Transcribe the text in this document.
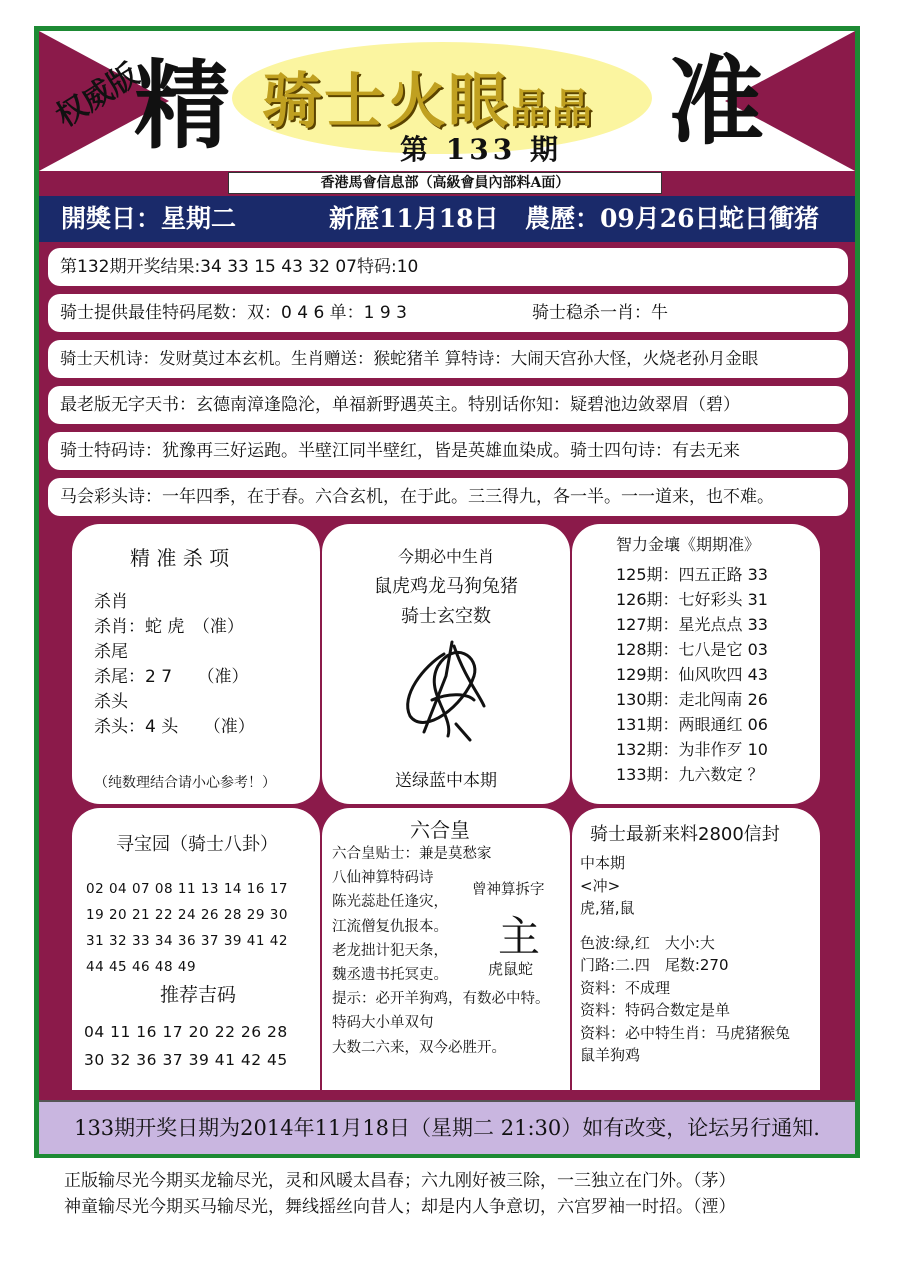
精	准
权威版 骑士火眼晶晶
第 133 期
香港馬會信息部（高級會員內部料A面）
開獎日：星期二	新歷11月18日 農歷：09月26日 蛇日衝猪
第132期开奖结果:34 33 15 43 32 07特码:10
骑士提供最佳特码尾数：双：0 4 6 单：1 9 3	骑士稳杀一肖：牛
骑士天机诗：发财莫过本玄机。生肖赠送：猴蛇猪羊 算特诗：大闹天宫孙大怪，火烧老孙月金眼
最老版无字天书：玄德南漳逢隐沦，单福新野遇英主。特别话你知：疑碧池边敛翠眉（碧）
骑士特码诗：犹豫再三好运跑。半壁江同半壁红，皆是英雄血染成。骑士四句诗：有去无来
马会彩头诗：一年四季，在于春。六合玄机，在于此。三三得九，各一半。一一道来，也不难。
精 准 杀 项
杀肖
杀肖：蛇 虎　（准）
杀尾
杀尾：2 7　　（准）
杀头
杀头：4 头　　（准）
（纯数理结合请小心参考！）
今期必中生肖
鼠虎鸡龙马狗兔猪
骑士玄空数
送绿蓝中本期
智力金壤《期期准》
125期：四五正路 33
126期：七好彩头 31
127期：星光点点 33
128期：七八是它 03
129期：仙风吹四 43
130期：走北闯南 26
131期：两眼通红 06
132期：为非作歹 10
133期：九六数定 ？
寻宝园（骑士八卦）
02 04 07 08 11 13 14 16 17
19 20 21 22 24 26 28 29 30
31 32 33 34 36 37 39 41 42
44 45 46 48 49
推荐吉码
04 11 16 17 20 22 26 28
30 32 36 37 39 41 42 45
六合皇
六合皇贴士：兼是莫愁家
八仙神算特码诗
陈光蕊赴任逢灾，
江流僧复仇报本。
老龙拙计犯天条，
魏丞遗书托冥吏。
提示：必开羊狗鸡，有数必中特。
特码大小单双句
大数二六来，双今必胜开。
曾神算拆字
主
虎鼠蛇
骑士最新来料2800信封
中本期
<冲>
虎,猪,鼠
色波:绿,红　大小:大
门路:二.四　尾数:270
资料：不成理
资料：特码合数定是单
资料：必中特生肖：马虎猪猴兔
鼠羊狗鸡
133期开奖日期为2014年11月18日（星期二 21:30）如有改变，论坛另行通知.
正版输尽光今期买龙输尽光，灵和风暖太昌春；六九刚好被三除，一三独立在门外。（茅）
神童输尽光今期买马输尽光，舞线摇丝向昔人；却是内人争意切，六宫罗袖一时招。（湮）
